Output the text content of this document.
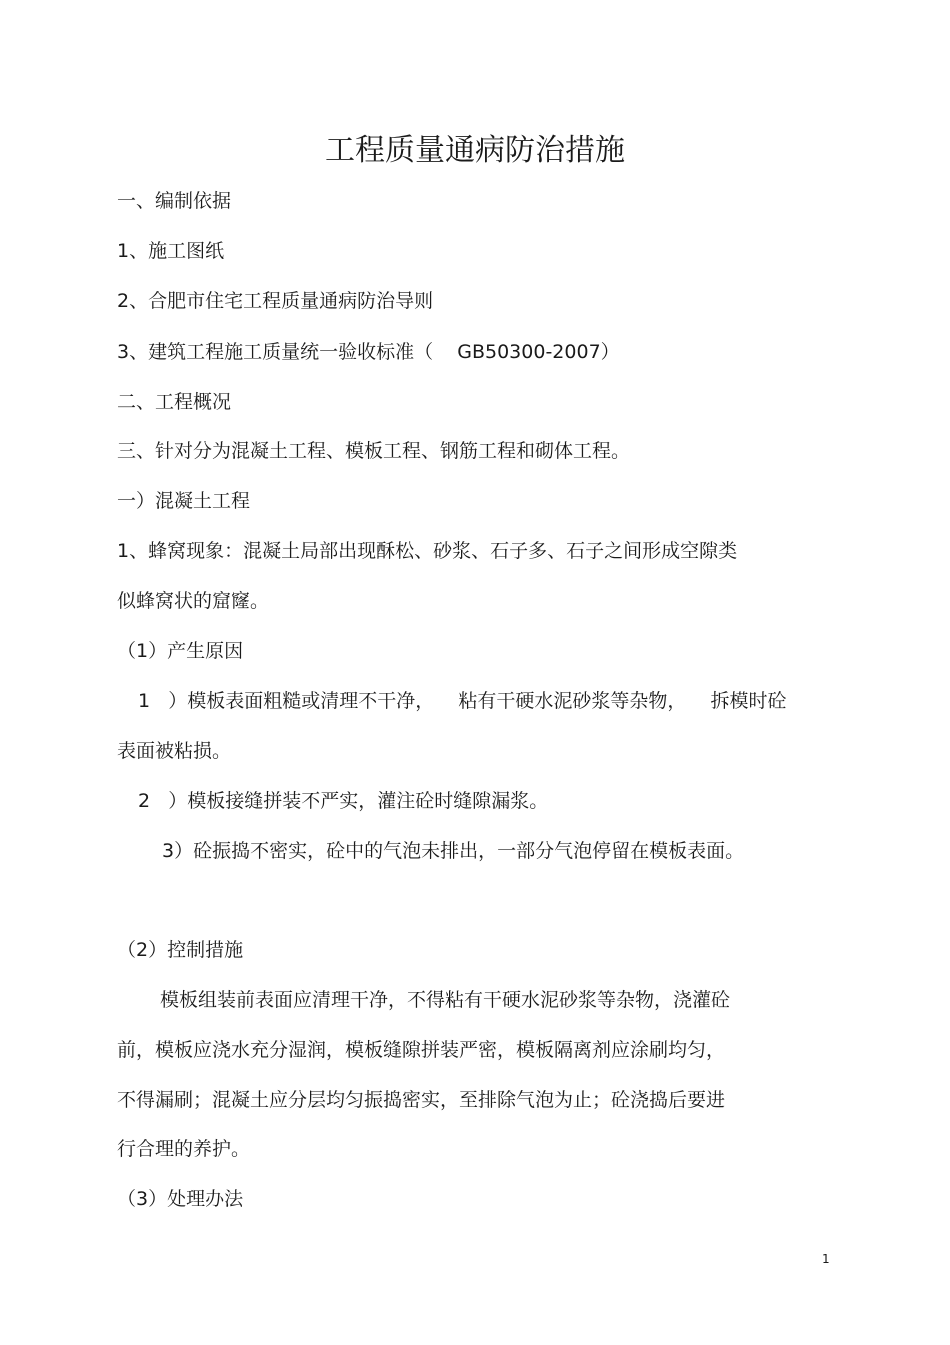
工程质量通病防治措施
一、编制依据
1、施工图纸
2、合肥市住宅工程质量通病防治导则
3、建筑工程施工质量统一验收标准（    GB50300-2007）
二、工程概况
三、针对分为混凝土工程、模板工程、钢筋工程和砌体工程。
一）混凝土工程
1、蜂窝现象：混凝土局部出现酥松、砂浆、石子多、石子之间形成空隙类
似蜂窝状的窟窿。
（1）产生原因
1   ）模板表面粗糙或清理不干净，    粘有干硬水泥砂浆等杂物，    拆模时砼
表面被粘损。
2   ）模板接缝拼装不严实，灌注砼时缝隙漏浆。
3）砼振捣不密实，砼中的气泡未排出，一部分气泡停留在模板表面。
（2）控制措施
模板组装前表面应清理干净，不得粘有干硬水泥砂浆等杂物，浇灌砼
前，模板应浇水充分湿润，模板缝隙拼装严密，模板隔离剂应涂刷均匀，
不得漏刷；混凝土应分层均匀振捣密实，至排除气泡为止；砼浇捣后要进
行合理的养护。
（3）处理办法
1
